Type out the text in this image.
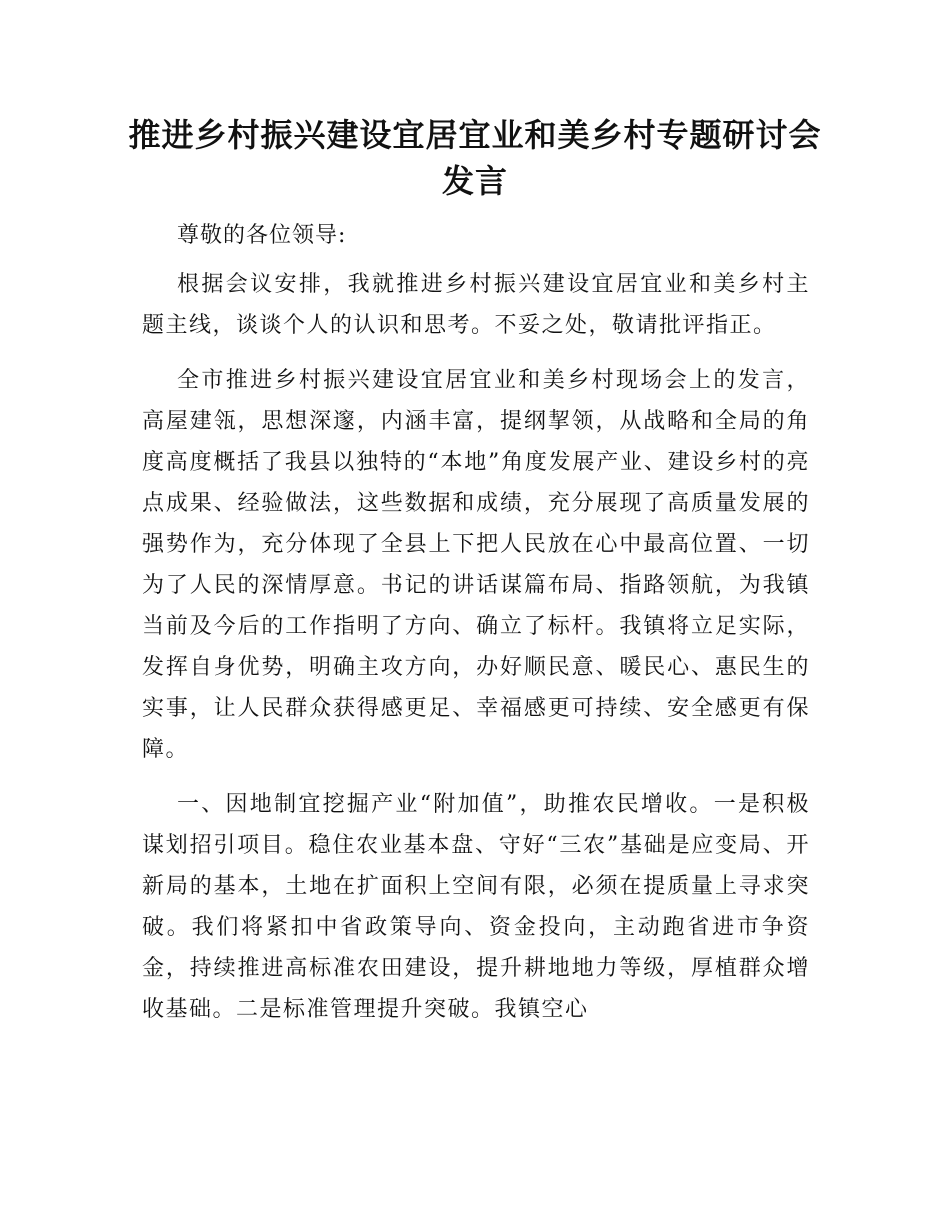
推进乡村振兴建设宜居宜业和美乡村专题研讨会发言

尊敬的各位领导:

根据会议安排，我就推进乡村振兴建设宜居宜业和美乡村主题主线，谈谈个人的认识和思考。不妥之处，敬请批评指正。

全市推进乡村振兴建设宜居宜业和美乡村现场会上的发言，高屋建瓴，思想深邃，内涵丰富，提纲挈领，从战略和全局的角度高度概括了我县以独特的“本地”角度发展产业、建设乡村的亮点成果、经验做法，这些数据和成绩，充分展现了高质量发展的强势作为，充分体现了全县上下把人民放在心中最高位置、一切为了人民的深情厚意。书记的讲话谋篇布局、指路领航，为我镇当前及今后的工作指明了方向、确立了标杆。我镇将立足实际，发挥自身优势，明确主攻方向，办好顺民意、暖民心、惠民生的实事，让人民群众获得感更足、幸福感更可持续、安全感更有保障。

一、因地制宜挖掘产业“附加值”，助推农民增收。一是积极谋划招引项目。稳住农业基本盘、守好“三农”基础是应变局、开新局的基本，土地在扩面积上空间有限，必须在提质量上寻求突破。我们将紧扣中省政策导向、资金投向，主动跑省进市争资金，持续推进高标准农田建设，提升耕地地力等级，厚植群众增收基础。二是标准管理提升突破。我镇空心
